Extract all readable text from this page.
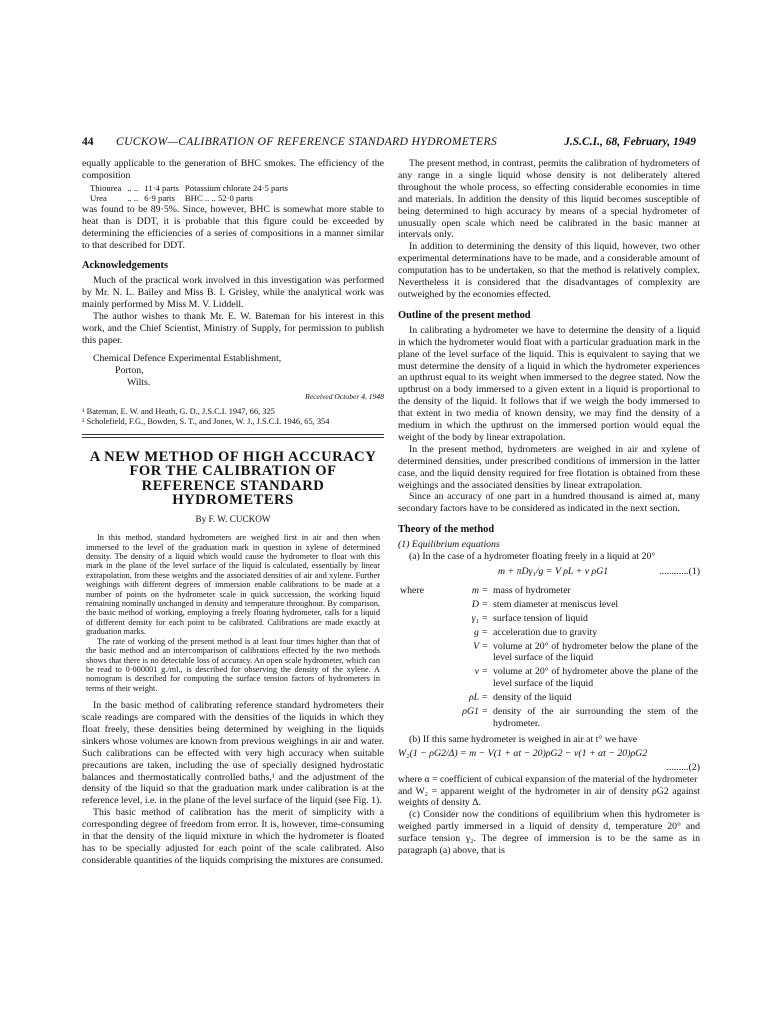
44	CUCKOW—CALIBRATION OF REFERENCE STANDARD HYDROMETERS	J.S.C.I., 68, February, 1949

equally applicable to the generation of BHC smokes. The efficiency of the composition

Thiourea	.. ..	11·4 parts	Potassium chlorate 24·5 parts
Urea	.. ..	6·9 parts	BHC .. .. 52·0 parts

was found to be 89·5%. Since, however, BHC is somewhat more stable to heat than is DDT, it is probable that this figure could be exceeded by determining the efficiencies of a series of compositions in a manner similar to that described for DDT.

Acknowledgements

Much of the practical work involved in this investigation was performed by Mr. N. L. Bailey and Miss B. I. Grisley, while the analytical work was mainly performed by Miss M. V. Liddell.

The author wishes to thank Mr. E. W. Bateman for his interest in this work, and the Chief Scientist, Ministry of Supply, for permission to publish this paper.

Chemical Defence Experimental Establishment,
Porton,
Wilts.
Received October 4, 1948
¹ Bateman, E. W. and Heath, G. D., J.S.C.I. 1947, 66, 325
² Scholefield, F.G., Bowden, S. T., and Jones, W. J., J.S.C.I. 1946, 65, 354
A NEW METHOD OF HIGH ACCURACY FOR THE CALIBRATION OF REFERENCE STANDARD HYDROMETERS
By F. W. CUCKOW

In this method, standard hydrometers are weighed first in air and then when immersed to the level of the graduation mark in question in xylene of determined density. The density of a liquid which would cause the hydrometer to float with this mark in the plane of the level surface of the liquid is calculated, essentially by linear extrapolation, from these weights and the associated densities of air and xylene. Further weighings with different degrees of immersion enable calibrations to be made at a number of points on the hydrometer scale in quick succession, the working liquid remaining nominally unchanged in density and temperature throughout. By comparison, the basic method of working, employing a freely floating hydrometer, calls for a liquid of different density for each point to be calibrated. Calibrations are made exactly at graduation marks.

The rate of working of the present method is at least four times higher than that of the basic method and an intercomparison of calibrations effected by the two methods shows that there is no detectable loss of accuracy. An open scale hydrometer, which can be read to 0·000001 g./ml., is described for observing the density of the xylene. A nomogram is described for computing the surface tension factors of hydrometers in terms of their weight.

In the basic method of calibrating reference standard hydrometers their scale readings are compared with the densities of the liquids in which they float freely, these densities being determined by weighing in the liquids sinkers whose volumes are known from previous weighings in air and water. Such calibrations can be effected with very high accuracy when suitable precautions are taken, including the use of specially designed hydrostatic balances and thermostatically controlled baths,¹ and the adjustment of the density of the liquid so that the graduation mark under calibration is at the reference level, i.e. in the plane of the level surface of the liquid (see Fig. 1).

This basic method of calibration has the merit of simplicity with a corresponding degree of freedom from error. It is, however, time-consuming in that the density of the liquid mixture in which the hydrometer is floated has to be specially adjusted for each point of the scale calibrated. Also considerable quantities of the liquids comprising the mixtures are consumed.

The present method, in contrast, permits the calibration of hydrometers of any range in a single liquid whose density is not deliberately altered throughout the whole process, so effecting considerable economies in time and materials. In addition the density of this liquid becomes susceptible of being determined to high accuracy by means of a special hydrometer of unusually open scale which need be calibrated in the basic manner at intervals only.

In addition to determining the density of this liquid, however, two other experimental determinations have to be made, and a considerable amount of computation has to be undertaken, so that the method is relatively complex. Nevertheless it is considered that the disadvantages of complexity are outweighed by the economies effected.

Outline of the present method

In calibrating a hydrometer we have to determine the density of a liquid in which the hydrometer would float with a particular graduation mark in the plane of the level surface of the liquid. This is equivalent to saying that we must determine the density of a liquid in which the hydrometer experiences an upthrust equal to its weight when immersed to the degree stated. Now the upthrust on a body immersed to a given extent in a liquid is proportional to the density of the liquid. It follows that if we weigh the body immersed to that extent in two media of known density, we may find the density of a medium in which the upthrust on the immersed portion would equal the weight of the body by linear extrapolation.

In the present method, hydrometers are weighed in air and xylene of determined densities, under prescribed conditions of immersion in the latter case, and the liquid density required for free flotation is obtained from these weighings and the associated densities by linear extrapolation.

Since an accuracy of one part in a hundred thousand is aimed at, many secondary factors have to be considered as indicated in the next section.

Theory of the method

(1) Equilibrium equations

(a) In the case of a hydrometer floating freely in a liquid at 20°

m + πDγ₁/g = V ρL + v ρG1	............(1)
where	m =	mass of hydrometer
	D =	stem diameter at meniscus level
	γ₁ =	surface tension of liquid
	g =	acceleration due to gravity
	V =	volume at 20° of hydrometer below the plane of the level surface of the liquid
	v =	volume at 20° of hydrometer above the plane of the level surface of the liquid
	ρL =	density of the liquid
	ρG1 =	density of the air surrounding the stem of the hydrometer.

(b) If this same hydrometer is weighed in air at t° we have

W₂(1 − ρG2/Δ) = m − V(1 + αt − 20)ρG2 − v(1 + αt − 20)ρG2
.........(2)

where α = coefficient of cubical expansion of the material of the hydrometer

and W₂ = apparent weight of the hydrometer in air of density ρG2 against weights of density Δ.

(c) Consider now the conditions of equilibrium when this hydrometer is weighed partly immersed in a liquid of density d, temperature 20° and surface tension γ₂. The degree of immersion is to be the same as in paragraph (a) above, that is
